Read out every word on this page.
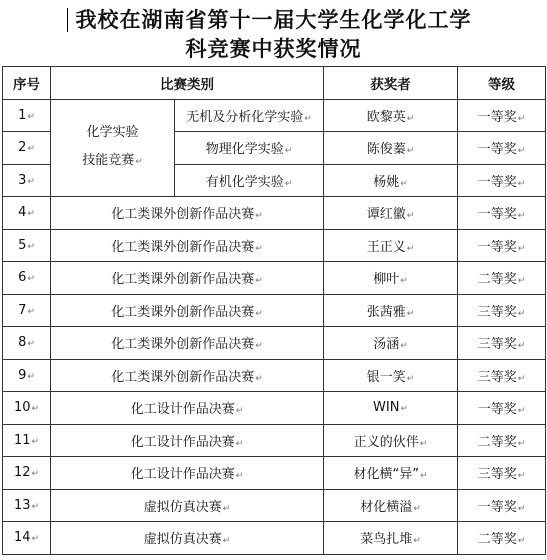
我校在湖南省第十一届大学生化学化工学
科竞赛中获奖情况
序号	比赛类别		获奖者	等级
1↵	化学实验
技能竞赛↵	无机及分析化学实验↵	欧黎英↵	一等奖↵
2↵		物理化学实验↵	陈俊蓁↵	一等奖↵
3↵		有机化学实验↵	杨姚↵	一等奖↵
4↵	化工类课外创新作品决赛↵		谭红徽↵	一等奖↵
5↵	化工类课外创新作品决赛↵		王正义↵	一等奖↵
6↵	化工类课外创新作品决赛↵		柳叶↵	二等奖↵
7↵	化工类课外创新作品决赛↵		张茜雅↵	三等奖↵
8↵	化工类课外创新作品决赛↵		汤涵↵	三等奖↵
9↵	化工类课外创新作品决赛↵		银一笑↵	三等奖↵
10↵	化工设计作品决赛↵		WIN↵	一等奖↵
11↵	化工设计作品决赛↵		正义的伙伴↵	二等奖↵
12↵	化工设计作品决赛↵		材化横“异”↵	三等奖↵
13↵	虚拟仿真决赛↵		材化横溢↵	一等奖↵
14↵	虚拟仿真决赛↵		菜鸟扎堆↵	二等奖↵
